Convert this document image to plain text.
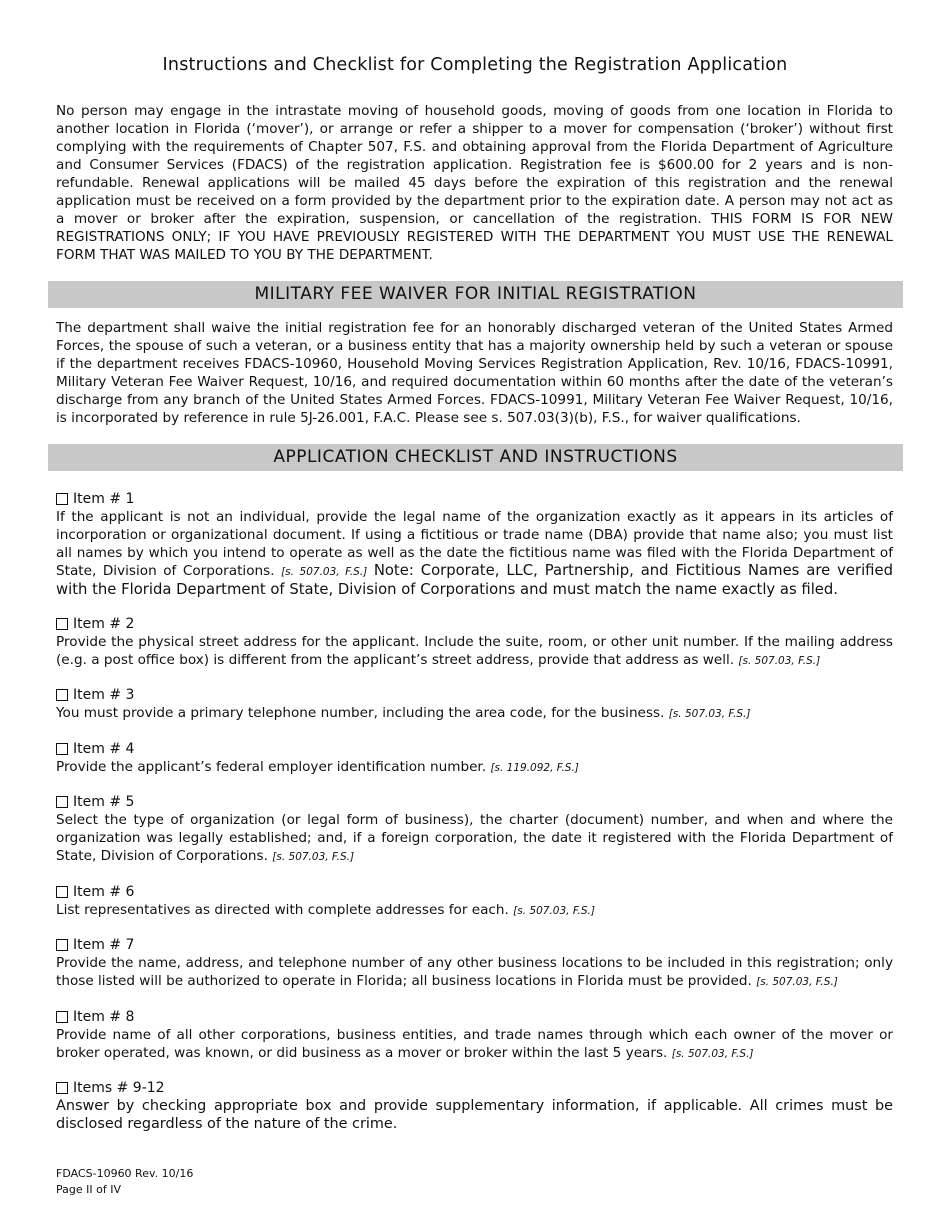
Instructions and Checklist for Completing the Registration Application
No person may engage in the intrastate moving of household goods, moving of goods from one location in Florida to another location in Florida (‘mover’), or arrange or refer a shipper to a mover for compensation (‘broker’) without first complying with the requirements of Chapter 507, F.S. and obtaining approval from the Florida Department of Agriculture and Consumer Services (FDACS) of the registration application. Registration fee is $600.00 for 2 years and is non-refundable. Renewal applications will be mailed 45 days before the expiration of this registration and the renewal application must be received on a form provided by the department prior to the expiration date. A person may not act as a mover or broker after the expiration, suspension, or cancellation of the registration. THIS FORM IS FOR NEW REGISTRATIONS ONLY; IF YOU HAVE PREVIOUSLY REGISTERED WITH THE DEPARTMENT YOU MUST USE THE RENEWAL FORM THAT WAS MAILED TO YOU BY THE DEPARTMENT.
MILITARY FEE WAIVER FOR INITIAL REGISTRATION
The department shall waive the initial registration fee for an honorably discharged veteran of the United States Armed Forces, the spouse of such a veteran, or a business entity that has a majority ownership held by such a veteran or spouse if the department receives FDACS-10960, Household Moving Services Registration Application, Rev. 10/16, FDACS-10991, Military Veteran Fee Waiver Request, 10/16, and required documentation within 60 months after the date of the veteran’s discharge from any branch of the United States Armed Forces. FDACS-10991, Military Veteran Fee Waiver Request, 10/16, is incorporated by reference in rule 5J-26.001, F.A.C. Please see s. 507.03(3)(b), F.S., for waiver qualifications.
APPLICATION CHECKLIST AND INSTRUCTIONS
Item # 1
If the applicant is not an individual, provide the legal name of the organization exactly as it appears in its articles of incorporation or organizational document. If using a fictitious or trade name (DBA) provide that name also; you must list all names by which you intend to operate as well as the date the fictitious name was filed with the Florida Department of State, Division of Corporations. [s. 507.03, F.S.] Note: Corporate, LLC, Partnership, and Fictitious Names are verified with the Florida Department of State, Division of Corporations and must match the name exactly as filed.
Item # 2
Provide the physical street address for the applicant. Include the suite, room, or other unit number. If the mailing address (e.g. a post office box) is different from the applicant’s street address, provide that address as well. [s. 507.03, F.S.]
Item # 3
You must provide a primary telephone number, including the area code, for the business. [s. 507.03, F.S.]
Item # 4
Provide the applicant’s federal employer identification number. [s. 119.092, F.S.]
Item # 5
Select the type of organization (or legal form of business), the charter (document) number, and when and where the organization was legally established; and, if a foreign corporation, the date it registered with the Florida Department of State, Division of Corporations. [s. 507.03, F.S.]
Item # 6
List representatives as directed with complete addresses for each. [s. 507.03, F.S.]
Item # 7
Provide the name, address, and telephone number of any other business locations to be included in this registration; only those listed will be authorized to operate in Florida; all business locations in Florida must be provided. [s. 507.03, F.S.]
Item # 8
Provide name of all other corporations, business entities, and trade names through which each owner of the mover or broker operated, was known, or did business as a mover or broker within the last 5 years. [s. 507.03, F.S.]
Items # 9-12
Answer by checking appropriate box and provide supplementary information, if applicable. All crimes must be disclosed regardless of the nature of the crime.
FDACS-10960 Rev. 10/16
Page II of IV
